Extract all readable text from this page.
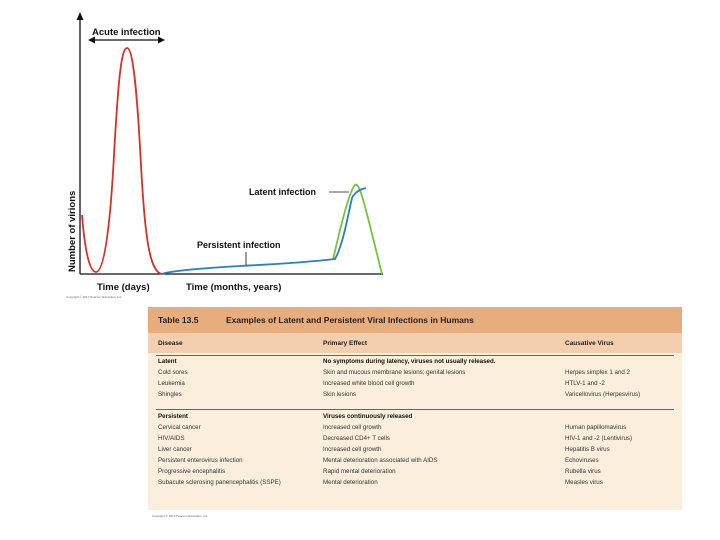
Acute infection
Latent infection
Persistent infection
Number of virions
Time (days)	Time (months, years)
Copyright © 2010 Pearson Education, Inc.
Table 13.5	Examples of Latent and Persistent Viral Infections in Humans
Disease	Primary Effect	Causative Virus
Latent	No symptoms during latency, viruses not usually released.
Cold sores	Skin and mucous membrane lesions; genital lesions	Herpes simplex 1 and 2
Leukemia	Increased white blood cell growth	HTLV-1 and -2
Shingles	Skin lesions	Varicellovirus (Herpesvirus)
Persistent	Viruses continuously released
Cervical cancer	Increased cell growth	Human papillomavirus
HIV/AIDS	Decreased CD4+ T cells	HIV-1 and -2 (Lentivirus)
Liver cancer	Increased cell growth	Hepatitis B virus
Persistent enterovirus infection	Mental deterioration associated with AIDS	Echoviruses
Progressive encephalitis	Rapid mental deterioration	Rubella virus
Subacute sclerosing panencephalitis (SSPE)	Mental deterioration	Measles virus
Copyright © 2010 Pearson Education, Inc.
